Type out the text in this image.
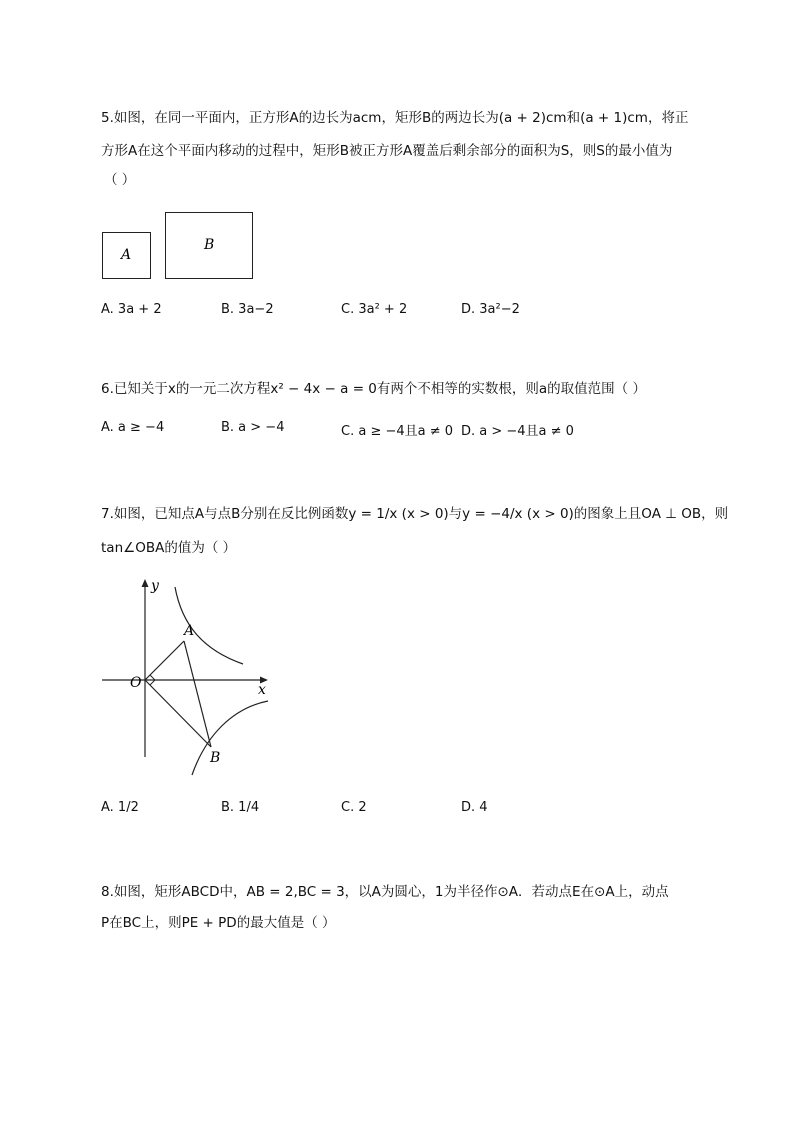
5.如图，在同一平面内，正方形A的边长为acm，矩形B的两边长为(a + 2)cm和(a + 1)cm，将正
方形A在这个平面内移动的过程中，矩形B被正方形A覆盖后剩余部分的面积为S，则S的最小值为
（ ）
A
B
A. 3a + 2	B. 3a−2	C. 3a² + 2	D. 3a²−2
6.已知关于x的一元二次方程x² − 4x − a = 0有两个不相等的实数根，则a的取值范围（ ）
A. a ≥ −4	B. a > −4	C. a ≥ −4且a ≠ 0 D. a > −4且a ≠ 0
7.如图，已知点A与点B分别在反比例函数y = 1/x (x > 0)与y = −4/x (x > 0)的图象上且OA ⊥ OB，则
tan∠OBA的值为（ ）
y
x
O
A
B
A. 1/2	B. 1/4	C. 2	D. 4
8.如图，矩形ABCD中，AB = 2,BC = 3，以A为圆心，1为半径作⊙A．若动点E在⊙A上，动点
P在BC上，则PE + PD的最大值是（ ）
